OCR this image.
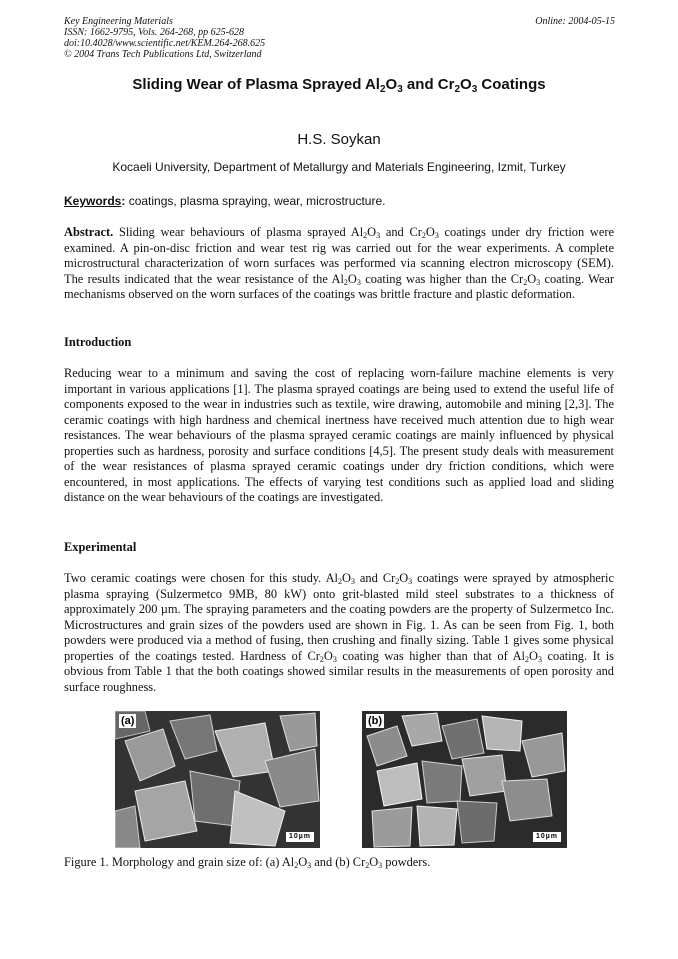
Key Engineering Materials
ISSN: 1662-9795, Vols. 264-268, pp 625-628
doi:10.4028/www.scientific.net/KEM.264-268.625
© 2004 Trans Tech Publications Ltd, Switzerland
Online: 2004-05-15
Sliding Wear of Plasma Sprayed $Al_2O_3$ and $Cr_2O_3$ Coatings
H.S. Soykan
Kocaeli University, Department of Metallurgy and Materials Engineering, Izmit, Turkey
Keywords: coatings, plasma spraying, wear, microstructure.
Abstract. Sliding wear behaviours of plasma sprayed $Al_2O_3$ and $Cr_2O_3$ coatings under dry friction were examined. A pin-on-disc friction and wear test rig was carried out for the wear experiments. A complete microstructural characterization of worn surfaces was performed via scanning electron microscopy (SEM). The results indicated that the wear resistance of the $Al_2O_3$ coating was higher than the $Cr_2O_3$ coating. Wear mechanisms observed on the worn surfaces of the coatings was brittle fracture and plastic deformation.
Introduction
Reducing wear to a minimum and saving the cost of replacing worn-failure machine elements is very important in various applications [1]. The plasma sprayed coatings are being used to extend the useful life of components exposed to the wear in industries such as textile, wire drawing, automobile and mining [2,3]. The ceramic coatings with high hardness and chemical inertness have received much attention due to high wear resistances. The wear behaviours of the plasma sprayed ceramic coatings are mainly influenced by physical properties such as hardness, porosity and surface conditions [4,5]. The present study deals with measurement of the wear resistances of plasma sprayed ceramic coatings under dry friction conditions, which were encountered, in most applications. The effects of varying test conditions such as applied load and sliding distance on the wear behaviours of the coatings are investigated.
Experimental
Two ceramic coatings were chosen for this study. $Al_2O_3$ and $Cr_2O_3$ coatings were sprayed by atmospheric plasma spraying (Sulzermetco 9MB, 80 kW) onto grit-blasted mild steel substrates to a thickness of approximately 200 µm. The spraying parameters and the coating powders are the property of Sulzermetco Inc. Microstructures and grain sizes of the powders used are shown in Fig. 1. As can be seen from Fig. 1, both powders were produced via a method of fusing, then crushing and finally sizing. Table 1 gives some physical properties of the coatings tested. Hardness of $Cr_2O_3$ coating was higher than that of $Al_2O_3$ coating. It is obvious from Table 1 that the both coatings showed similar results in the measurements of open porosity and surface roughness.
(a)
10µm
(b)
10µm
Figure 1. Morphology and grain size of: (a) $Al_2O_3$ and (b) $Cr_2O_3$ powders.
